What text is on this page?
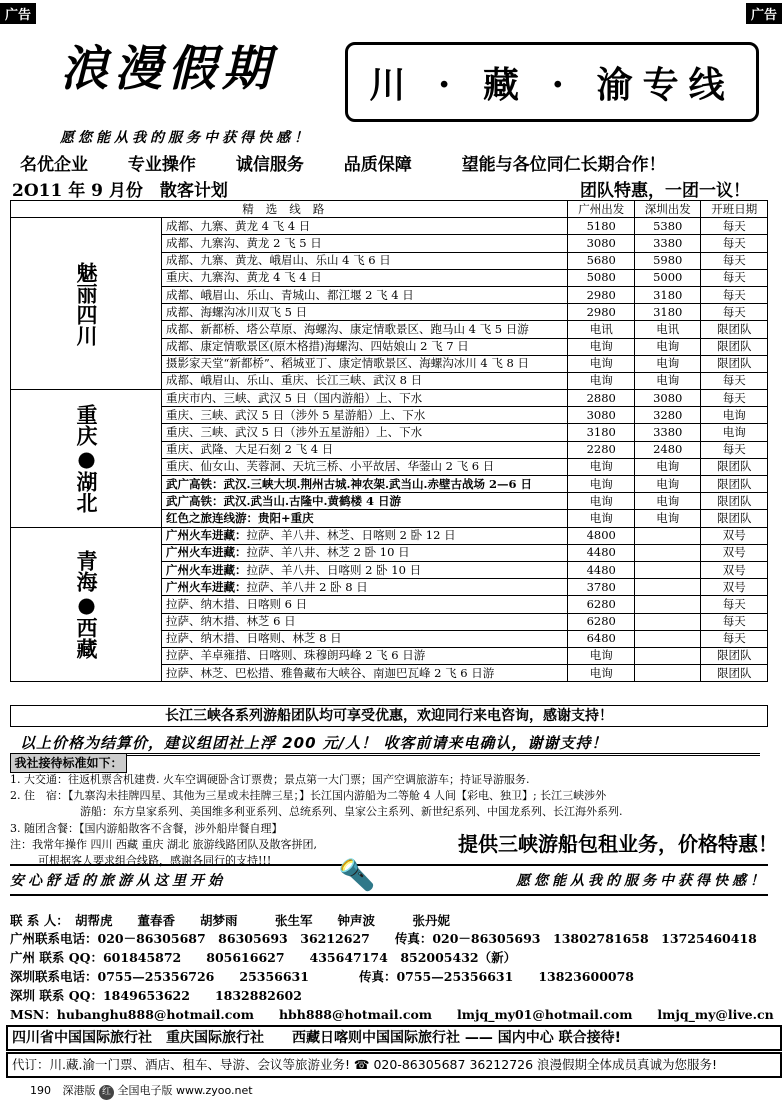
广告	广告
浪漫假期	川 · 藏 · 渝专线
愿您能从我的服务中获得快感！
名优企业 专业操作 诚信服务 品质保障	望能与各位同仁长期合作！
2O11 年 9 月份　散客计划	团队特惠，一团一议！
精选线路		广州出发	深圳出发	开班日期
魅丽四川	成都、九寨、黄龙 4 飞 4 日	5180	5380	每天
	成都、九寨沟、黄龙 2 飞 5 日	3080	3380	每天
	成都、九寨、黄龙、峨眉山、乐山 4 飞 6 日	5680	5980	每天
	重庆、九寨沟、黄龙 4 飞 4 日	5080	5000	每天
	成都、峨眉山、乐山、青城山、都江堰 2 飞 4 日	2980	3180	每天
	成都、海螺沟冰川双飞 5 日	2980	3180	每天
	成都、新都桥、塔公草原、海螺沟、康定情歌景区、跑马山 4 飞 5 日游	电讯	电讯	限团队
	成都、康定情歌景区(原木格措)海螺沟、四姑娘山 2 飞 7 日	电询	电询	限团队
	摄影家天堂“新都桥”、稻城亚丁、康定情歌景区、海螺沟冰川 4 飞 8 日	电询	电询	限团队
	成都、峨眉山、乐山、重庆、长江三峡、武汉 8 日	电询	电询	每天
重庆●湖北	重庆市内、三峡、武汉 5 日（国内游船）上、下水	2880	3080	每天
	重庆、三峡、武汉 5 日（涉外 5 星游船）上、下水	3080	3280	电询
	重庆、三峡、武汉 5 日（涉外五星游船）上、下水	3180	3380	电询
	重庆、武隆、大足石刻 2 飞 4 日	2280	2480	每天
	重庆、仙女山、芙蓉洞、天坑三桥、小平故居、华蓥山 2 飞 6 日	电询	电询	限团队
	武广高铁：武汉.三峡大坝.荆州古城.神农架.武当山.赤壁古战场 2—6 日	电询	电询	限团队
	武广高铁：武汉.武当山.古隆中.黄鹤楼 4 日游	电询	电询	限团队
	红色之旅连线游：贵阳+重庆	电询	电询	限团队
青海●西藏	广州火车进藏：拉萨、羊八井、林芝、日喀则 2 卧 12 日	4800		双号
	广州火车进藏：拉萨、羊八井、林芝 2 卧 10 日	4480		双号
	广州火车进藏：拉萨、羊八井、日喀则 2 卧 10 日	4480		双号
	广州火车进藏：拉萨、羊八井 2 卧 8 日	3780		双号
	拉萨、纳木措、日喀则 6 日	6280		每天
	拉萨、纳木措、林芝 6 日	6280		每天
	拉萨、纳木措、日喀则、林芝 8 日	6480		每天
	拉萨、羊卓雍措、日喀则、珠穆朗玛峰 2 飞 6 日游	电询		限团队
	拉萨、林芝、巴松措、雅鲁藏布大峡谷、南迦巴瓦峰 2 飞 6 日游	电询		限团队
长江三峡各系列游船团队均可享受优惠，欢迎同行来电咨询，感谢支持！
以上价格为结算价，建议组团社上浮 200 元/人！ 收客前请来电确认，谢谢支持！
我社接待标准如下：
1. 大交通：往返机票含机建费. 火车空调硬卧含订票费；景点第一大门票；国产空调旅游车；持证导游服务.
2. 住　宿：【九寨沟未挂牌四星、其他为三星或未挂牌三星；】长江国内游船为二等舱 4 人间【彩电、独卫】; 长江三峡涉外
游船：东方皇家系列、美国维多利亚系列、总统系列、皇家公主系列、新世纪系列、中国龙系列、长江海外系列.
3. 随团含餐：【国内游船散客不含餐，涉外船岸餐自理】
注：我常年操作 四川 西藏 重庆 湖北 旅游线路团队及散客拼团,
可根据客人要求组合线路，感谢各同行的支持!!!
提供三峡游船包租业务，价格特惠！
安心舒适的旅游从这里开始	愿您能从我的服务中获得快感！
🔦
联 系 人：　胡帮虎　　董春香　　胡梦雨　　　张生军　　钟声波　　　张丹妮
广州联系电话：020－86305687　86305693　36212627　　传真：020－86305693　13802781658　13725460418
广州 联系 QQ：601845872　　805616627　　435647174　852005432（新）
深圳联系电话：0755—25356726　　25356631　　　　传真：0755—25356631　　13823600078
深圳 联系 QQ：1849653622　　1832882602
MSN：hubanghu888@hotmail.com　　hbh888@hotmail.com　　lmjq_my01@hotmail.com　　lmjq_my@live.cn
四川省中国国际旅行社　重庆国际旅行社　　西藏日喀则中国国际旅行社 —— 国内中心 联合接待!
代订：川.藏.渝一门票、酒店、租车、导游、会议等旅游业务! ☎ 020-86305687 36212726 浪漫假期全体成员真诚为您服务!
190 深港版 红 全国电子版 www.zyoo.net
